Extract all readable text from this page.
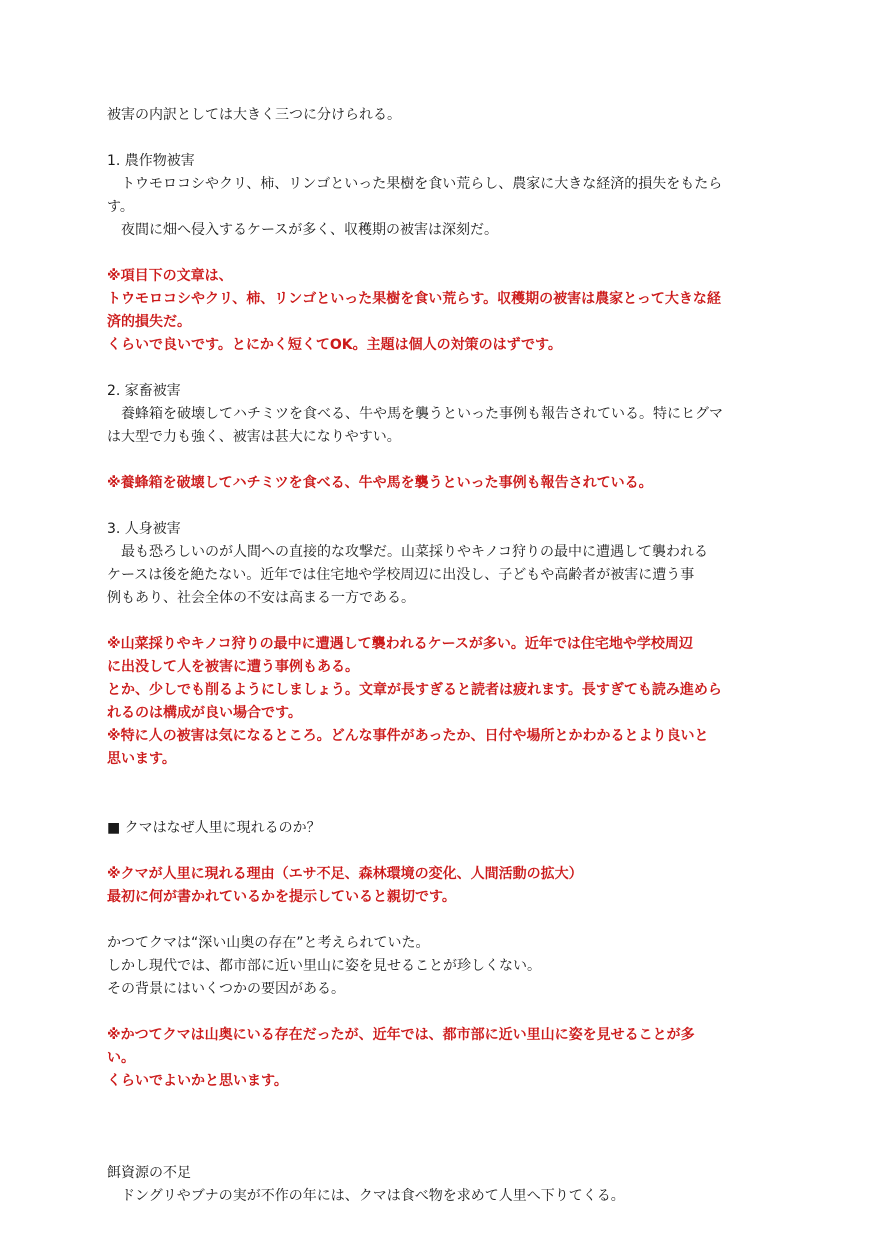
被害の内訳としては大きく三つに分けられる。
1. 農作物被害
　トウモロコシやクリ、柿、リンゴといった果樹を食い荒らし、農家に大きな経済的損失をもたら
す。
　夜間に畑へ侵入するケースが多く、収穫期の被害は深刻だ。
※項目下の文章は、
トウモロコシやクリ、柿、リンゴといった果樹を食い荒らす。収穫期の被害は農家とって大きな経
済的損失だ。
くらいで良いです。とにかく短くてOK。主題は個人の対策のはずです。
2. 家畜被害
　養蜂箱を破壊してハチミツを食べる、牛や馬を襲うといった事例も報告されている。特にヒグマ
は大型で力も強く、被害は甚大になりやすい。
※養蜂箱を破壊してハチミツを食べる、牛や馬を襲うといった事例も報告されている。
3. 人身被害
　最も恐ろしいのが人間への直接的な攻撃だ。山菜採りやキノコ狩りの最中に遭遇して襲われる
ケースは後を絶たない。近年では住宅地や学校周辺に出没し、子どもや高齢者が被害に遭う事
例もあり、社会全体の不安は高まる一方である。
※山菜採りやキノコ狩りの最中に遭遇して襲われるケースが多い。近年では住宅地や学校周辺
に出没して人を被害に遭う事例もある。
とか、少しでも削るようにしましょう。文章が長すぎると読者は疲れます。長すぎても読み進めら
れるのは構成が良い場合です。
※特に人の被害は気になるところ。どんな事件があったか、日付や場所とかわかるとより良いと
思います。
■ クマはなぜ人里に現れるのか？
※クマが人里に現れる理由（エサ不足、森林環境の変化、人間活動の拡大）
最初に何が書かれているかを提示していると親切です。
かつてクマは“深い山奥の存在”と考えられていた。
しかし現代では、都市部に近い里山に姿を見せることが珍しくない。
その背景にはいくつかの要因がある。
※かつてクマは山奥にいる存在だったが、近年では、都市部に近い里山に姿を見せることが多
い。
くらいでよいかと思います。
餌資源の不足
　ドングリやブナの実が不作の年には、クマは食べ物を求めて人里へ下りてくる。
